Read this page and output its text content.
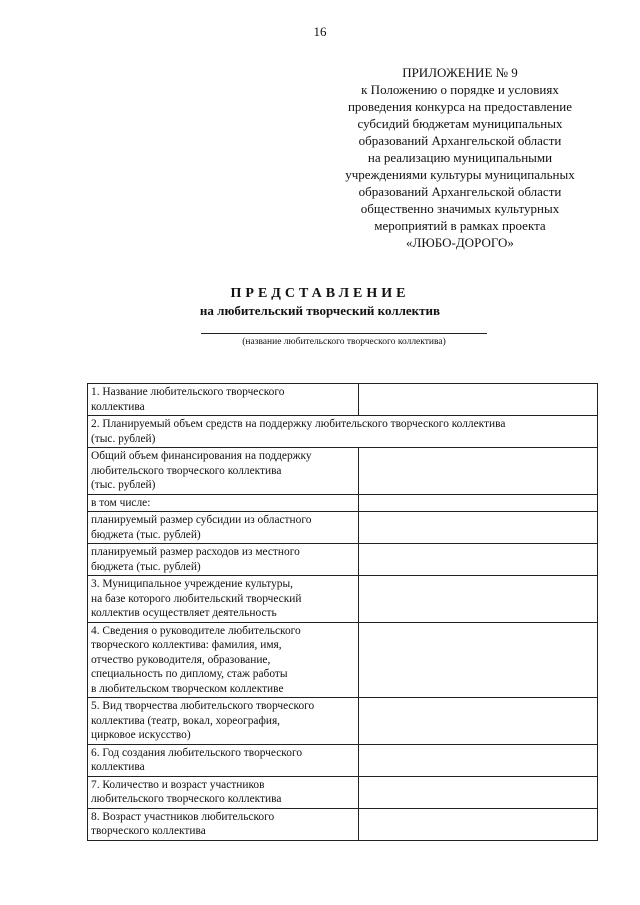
16
ПРИЛОЖЕНИЕ № 9
к Положению о порядке и условиях
проведения конкурса на предоставление
субсидий бюджетам муниципальных
образований Архангельской области
на реализацию муниципальными
учреждениями культуры муниципальных
образований Архангельской области
общественно значимых культурных
мероприятий в рамках проекта
«ЛЮБО-ДОРОГО»
ПРЕДСТАВЛЕНИЕ
на любительский творческий коллектив
(название любительского творческого коллектива)
1. Название любительского творческого
коллектива	

2. Планируемый объем средств на поддержку любительского творческого коллектива
(тыс. рублей)	

Общий объем финансирования на поддержку
любительского творческого коллектива
(тыс. рублей)	

в том числе:	

планируемый размер субсидии из областного
бюджета (тыс. рублей)	

планируемый размер расходов из местного
бюджета (тыс. рублей)	

3. Муниципальное учреждение культуры,
на базе которого любительский творческий
коллектив осуществляет деятельность	

4. Сведения о руководителе любительского
творческого коллектива: фамилия, имя,
отчество руководителя, образование,
специальность по диплому, стаж работы
в любительском творческом коллективе	

5. Вид творчества любительского творческого
коллектива (театр, вокал, хореография,
цирковое искусство)	

6. Год создания любительского творческого
коллектива	

7. Количество и возраст участников
любительского творческого коллектива	

8. Возраст участников любительского
творческого коллектива	
